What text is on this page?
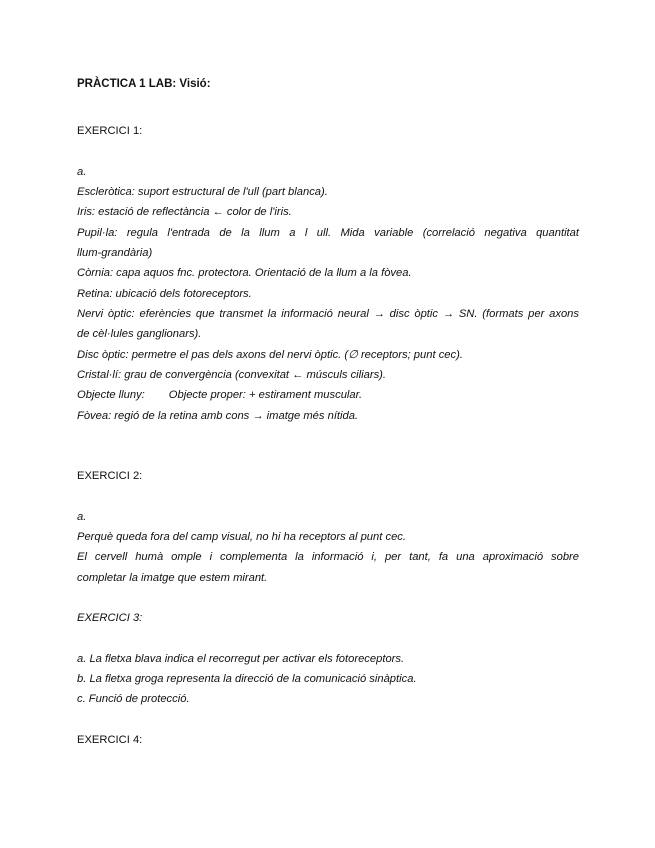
PRÀCTICA 1 LAB: Visió:
EXERCICI 1:
a.
Escleròtica: suport estructural de l'ull (part blanca).
Iris: estació de reflectància ← color de l'iris.
Pupil·la: regula l'entrada de la llum a l ull. Mida variable (correlació negativa quantitat
llum-grandària)
Còrnia: capa aquos fnc. protectora. Orientació de la llum a la fòvea.
Retina: ubicació dels fotoreceptors.
Nervi òptic: eferències que transmet la informació neural → disc òptic → SN. (formats per axons
de cèl·lules ganglionars).
Disc òptic: permetre el pas dels axons del nervi òptic. (∅ receptors; punt cec).
Cristal·lí: grau de convergència (convexitat ← músculs ciliars).
Objecte lluny: Objecte proper: + estirament muscular.
Fòvea: regió de la retina amb cons → imatge més nítida.
EXERCICI 2:
a.
Perquè queda fora del camp visual, no hi ha receptors al punt cec.
El cervell humà omple i complementa la informació i, per tant, fa una aproximació sobre
completar la imatge que estem mirant.
EXERCICI 3:
a. La fletxa blava indica el recorregut per activar els fotoreceptors.
b. La fletxa groga representa la direcció de la comunicació sinàptica.
c. Funció de protecció.
EXERCICI 4:
